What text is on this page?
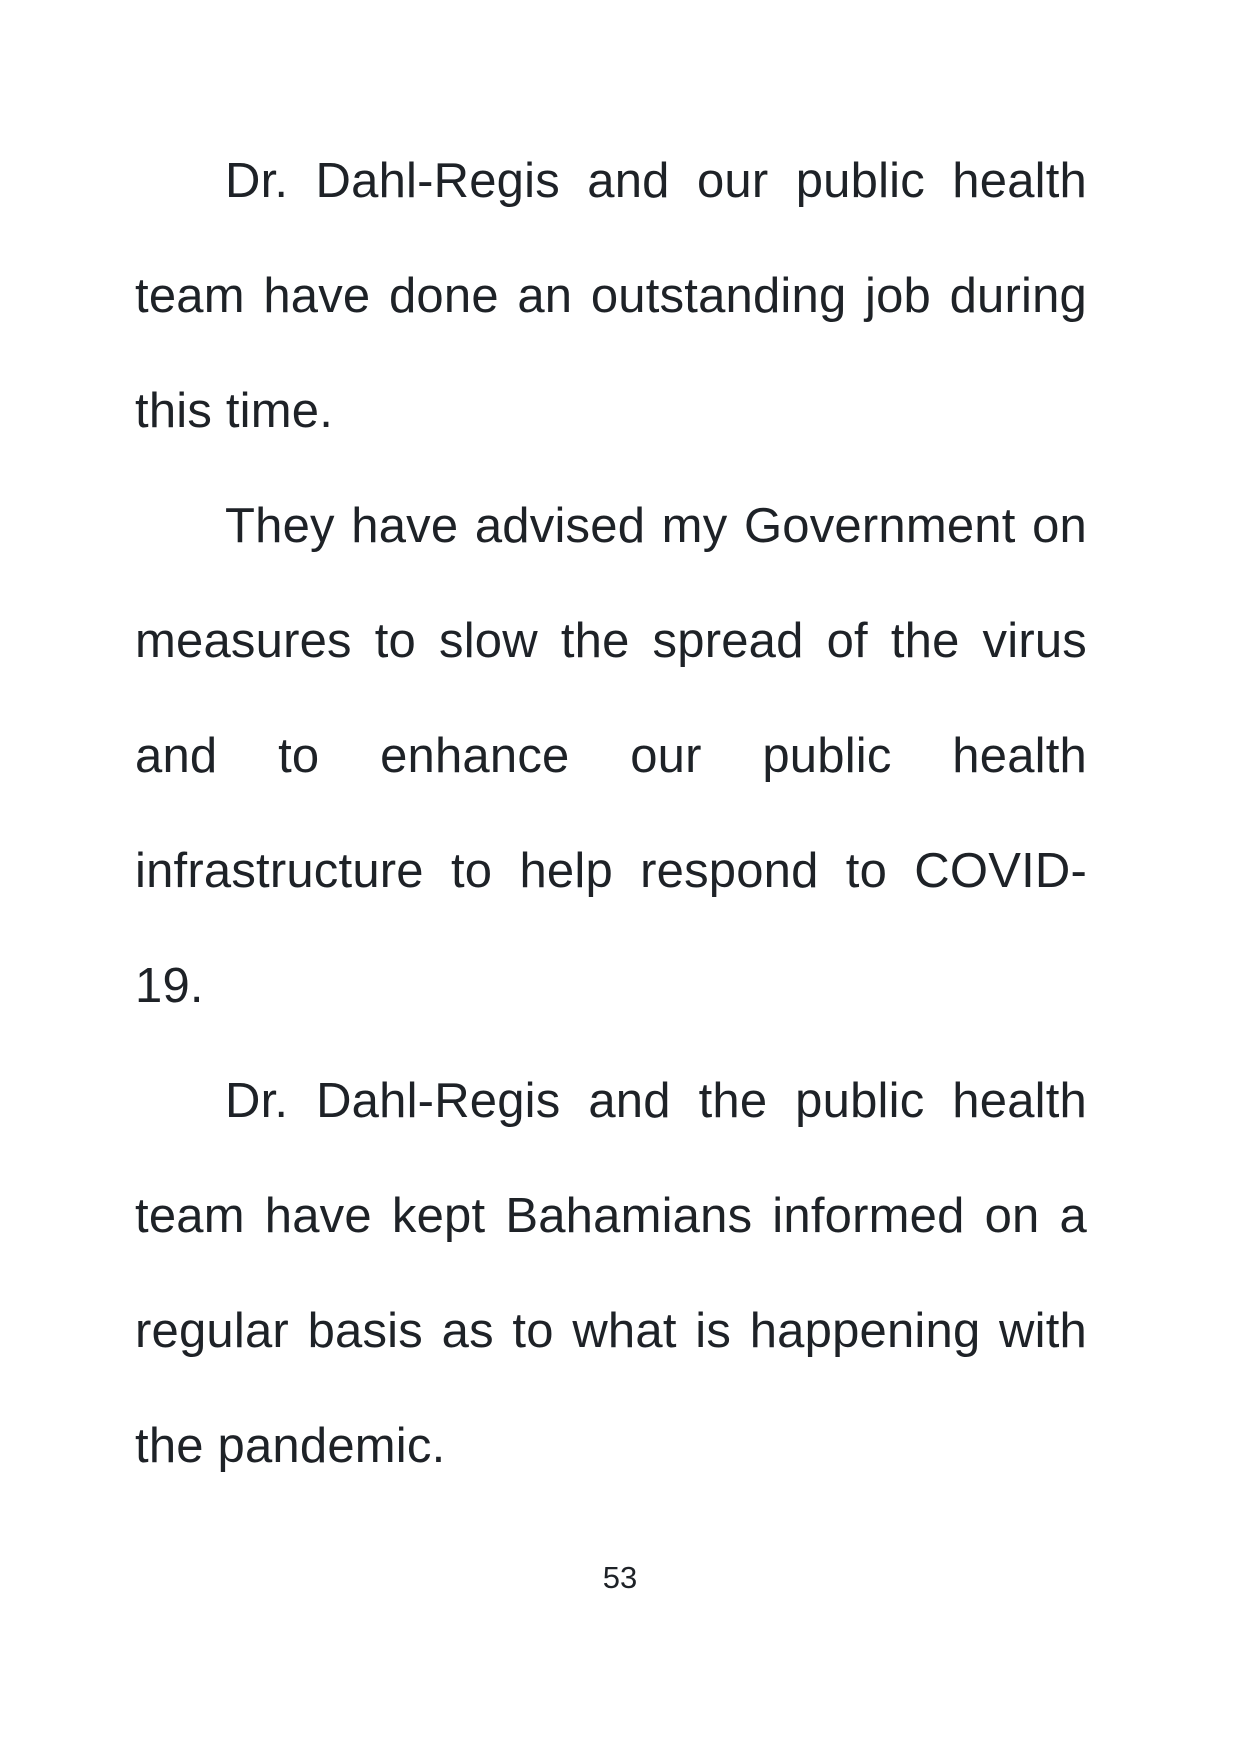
Dr. Dahl-Regis and our public health
team have done an outstanding job during
this time.
They have advised my Government on
measures to slow the spread of the virus
and to enhance our public health
infrastructure to help respond to COVID-
19.
Dr. Dahl-Regis and the public health
team have kept Bahamians informed on a
regular basis as to what is happening with
the pandemic.
53
